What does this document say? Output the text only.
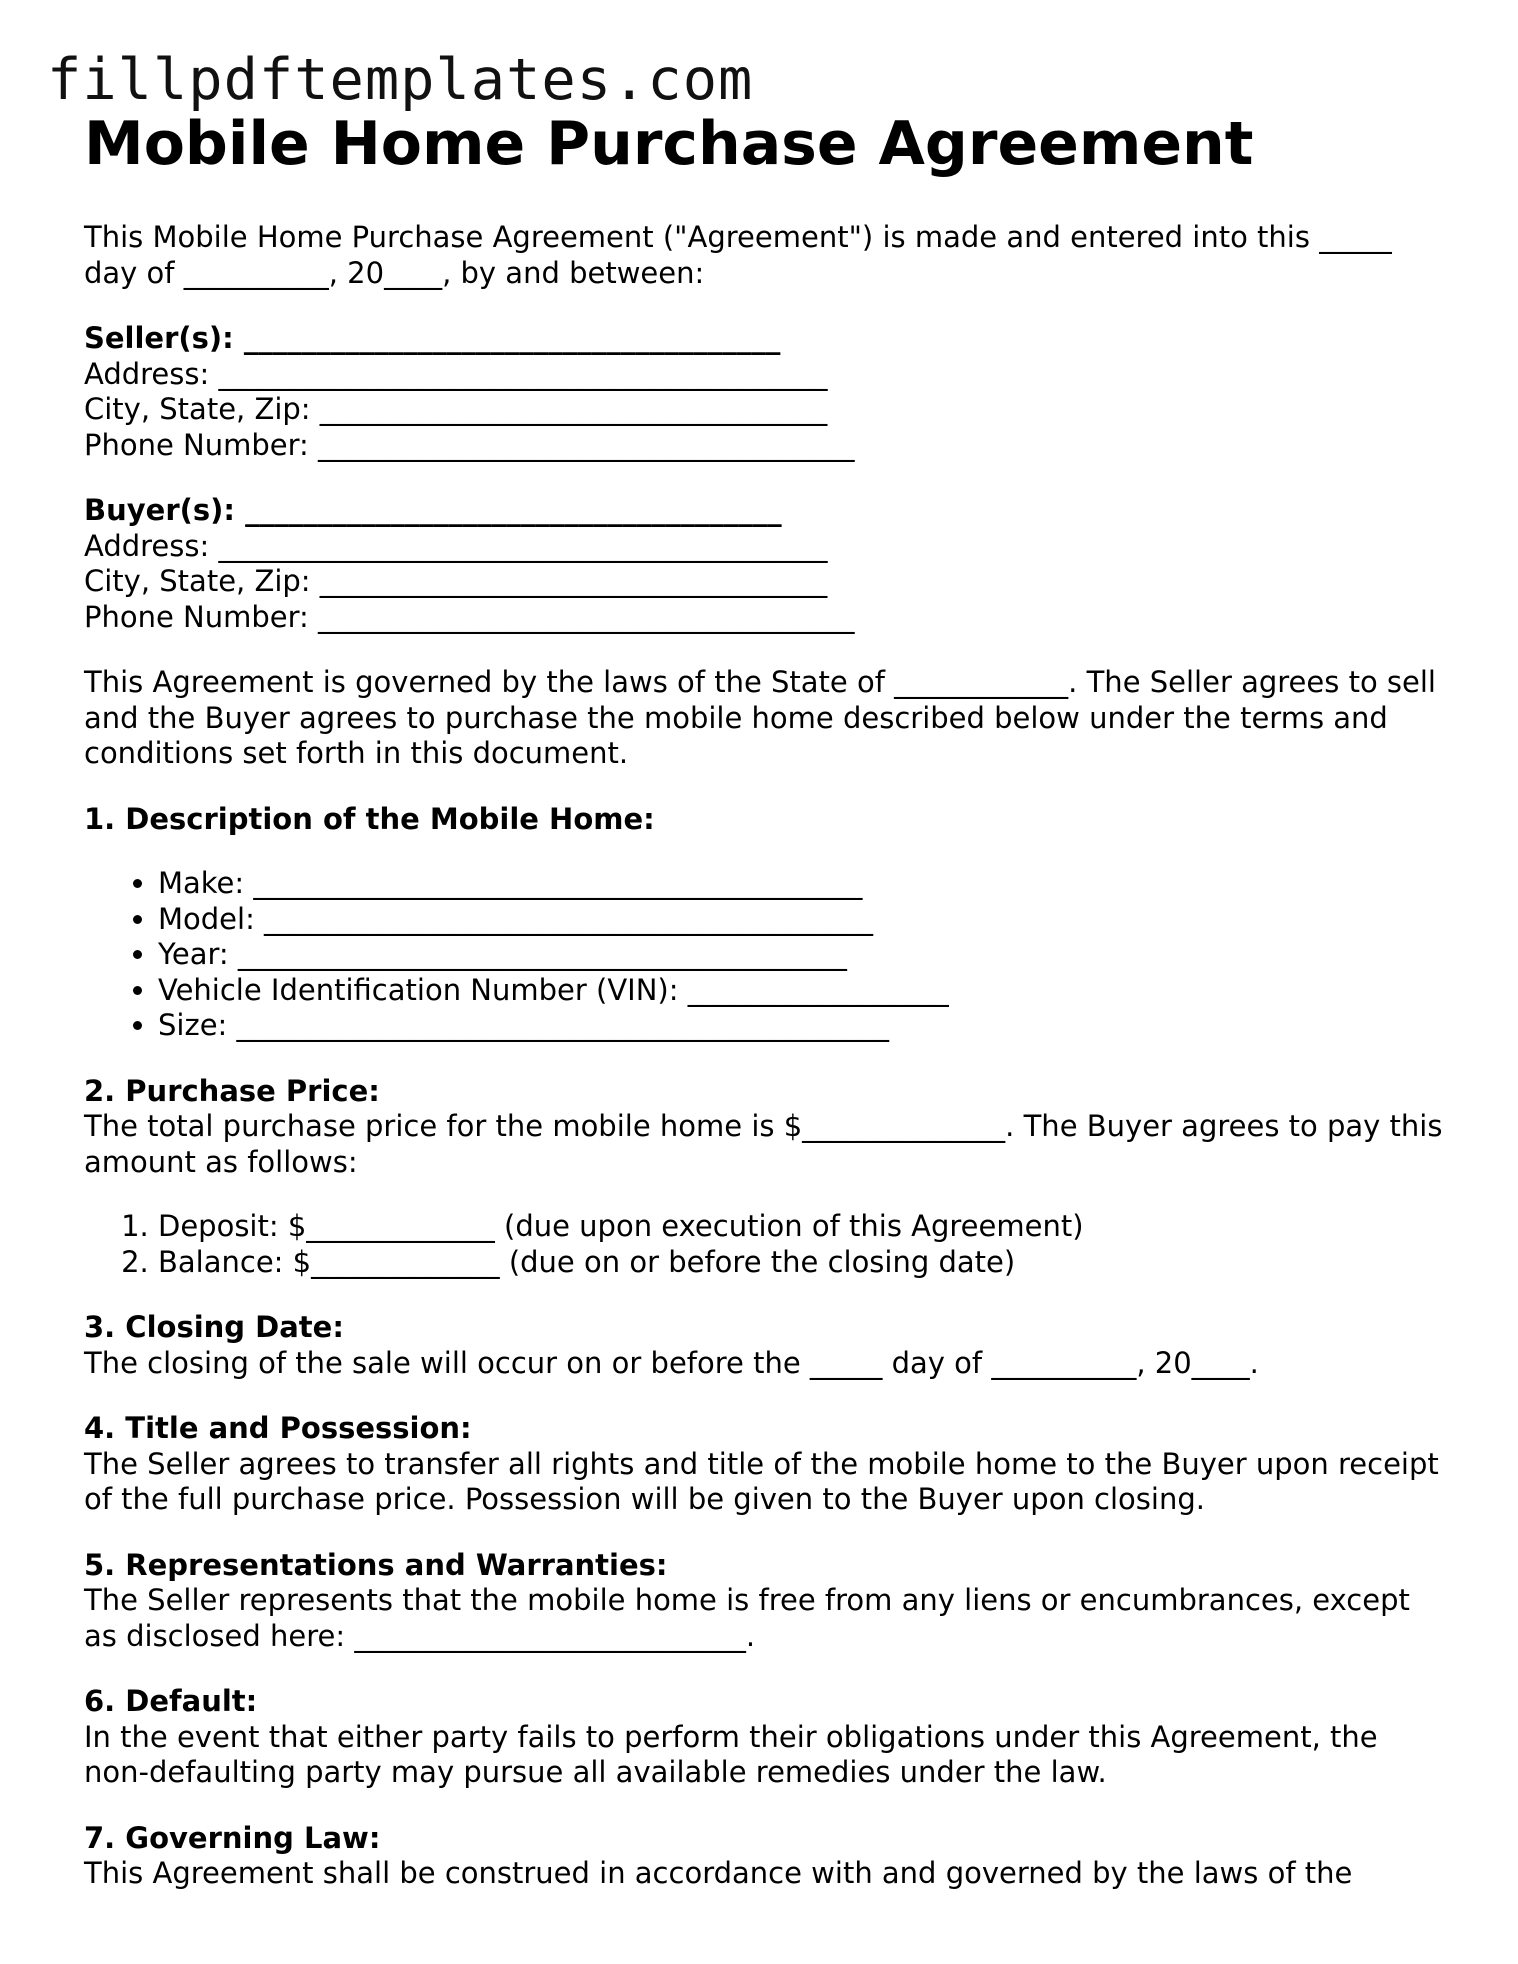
fillpdftemplates.com
Mobile Home Purchase Agreement

This Mobile Home Purchase Agreement ("Agreement") is made and entered into this _____ day of __________, 20____, by and between:

Seller(s): _____________________________________
Address: __________________________________________
City, State, Zip: ___________________________________
Phone Number: _____________________________________
Buyer(s): _____________________________________
Address: __________________________________________
City, State, Zip: ___________________________________
Phone Number: _____________________________________

This Agreement is governed by the laws of the State of ____________. The Seller agrees to sell and the Buyer agrees to purchase the mobile home described below under the terms and conditions set forth in this document.

1. Description of the Mobile Home:
• Make: __________________________________________
• Model: __________________________________________
• Year: __________________________________________
• Vehicle Identification Number (VIN): __________________
• Size: _____________________________________________
2. Purchase Price:

The total purchase price for the mobile home is $______________. The Buyer agrees to pay this amount as follows:

1. Deposit: $_____________ (due upon execution of this Agreement)
2. Balance: $_____________ (due on or before the closing date)
3. Closing Date:

The closing of the sale will occur on or before the _____ day of __________, 20____.

4. Title and Possession:

The Seller agrees to transfer all rights and title of the mobile home to the Buyer upon receipt of the full purchase price. Possession will be given to the Buyer upon closing.

5. Representations and Warranties:

The Seller represents that the mobile home is free from any liens or encumbrances, except as disclosed here: ___________________________.

6. Default:

In the event that either party fails to perform their obligations under this Agreement, the non-defaulting party may pursue all available remedies under the law.

7. Governing Law:

This Agreement shall be construed in accordance with and governed by the laws of the
